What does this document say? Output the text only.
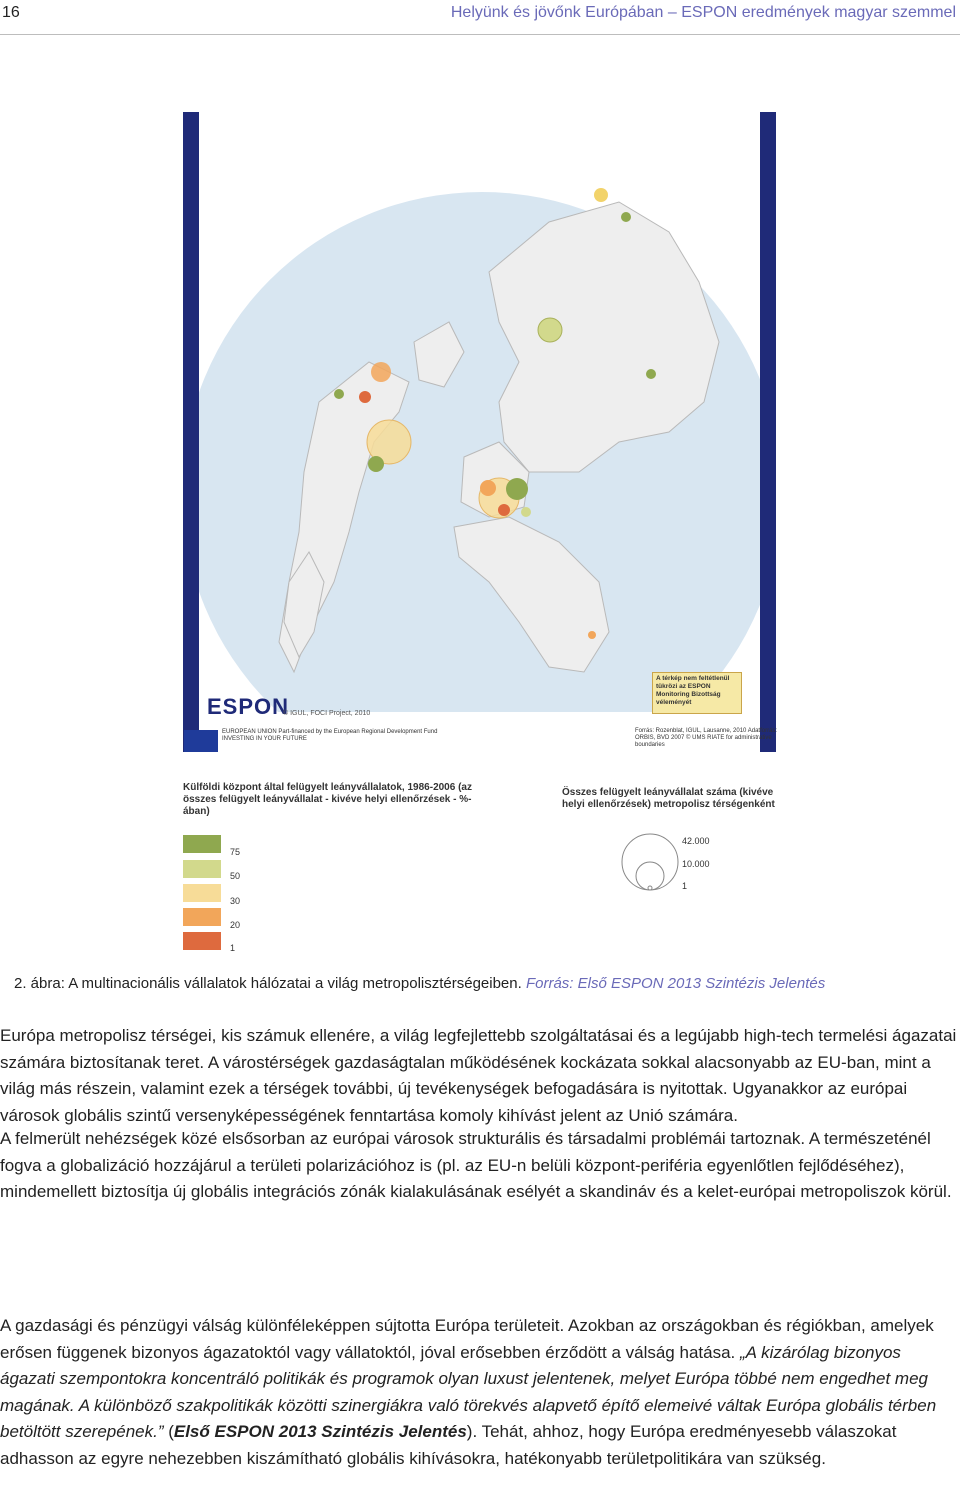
16	Helyünk és jövőnk Európában – ESPON eredmények magyar szemmel
ESPON
© IGUL, FOCI Project, 2010
A térkép nem feltétlenül tükrözi az ESPON Monitoring Bizottság véleményét
EUROPEAN UNION Part-financed by the European Regional Development Fund INVESTING IN YOUR FUTURE
Forrás: Rozenblat, IGUL, Lausanne, 2010 Adatforrás: ORBIS, BVD 2007 © UMS RIATE for administrative boundaries
Külföldi központ által felügyelt leányvállalatok, 1986-2006 (az összes felügyelt leányvállalat - kivéve helyi ellenőrzések - %-ában)
75
50
30
20
1
Összes felügyelt leányvállalat száma (kivéve helyi ellenőrzések) metropolisz térségenként
42.000
10.000
1
2. ábra: A multinacionális vállalatok hálózatai a világ metropolisztérségeiben. Forrás: Első ESPON 2013 Szintézis Jelentés
Európa metropolisz térségei, kis számuk ellenére, a világ legfejlettebb szolgáltatásai és a legújabb high-tech termelési ágazatai számára biztosítanak teret. A várostérségek gazdaságtalan működésének kockázata sokkal alacsonyabb az EU-ban, mint a világ más részein, valamint ezek a térségek további, új tevékenységek befogadására is nyitottak. Ugyanakkor az európai városok globális szintű versenyképességének fenntartása komoly kihívást jelent az Unió számára.
A felmerült nehézségek közé elsősorban az európai városok strukturális és társadalmi problémái tartoznak. A természeténél fogva a globalizáció hozzájárul a területi polarizációhoz is (pl. az EU-n belüli központ-periféria egyenlőtlen fejlődéséhez), mindemellett biztosítja új globális integrációs zónák kialakulásának esélyét a skandináv és a kelet-európai metropoliszok körül.
A gazdasági és pénzügyi válság különféleképpen sújtotta Európa területeit. Azokban az országokban és régiókban, amelyek erősen függenek bizonyos ágazatoktól vagy vállatoktól, jóval erősebben érződött a válság hatása. „A kizárólag bizonyos ágazati szempontokra koncentráló politikák és programok olyan luxust jelentenek, melyet Európa többé nem engedhet meg magának. A különböző szakpolitikák közötti szinergiákra való törekvés alapvető építő elemeivé váltak Európa globális térben betöltött szerepének.” (Első ESPON 2013 Szintézis Jelentés). Tehát, ahhoz, hogy Európa eredményesebb válaszokat adhasson az egyre nehezebben kiszámítható globális kihívásokra, hatékonyabb területpolitikára van szükség.
